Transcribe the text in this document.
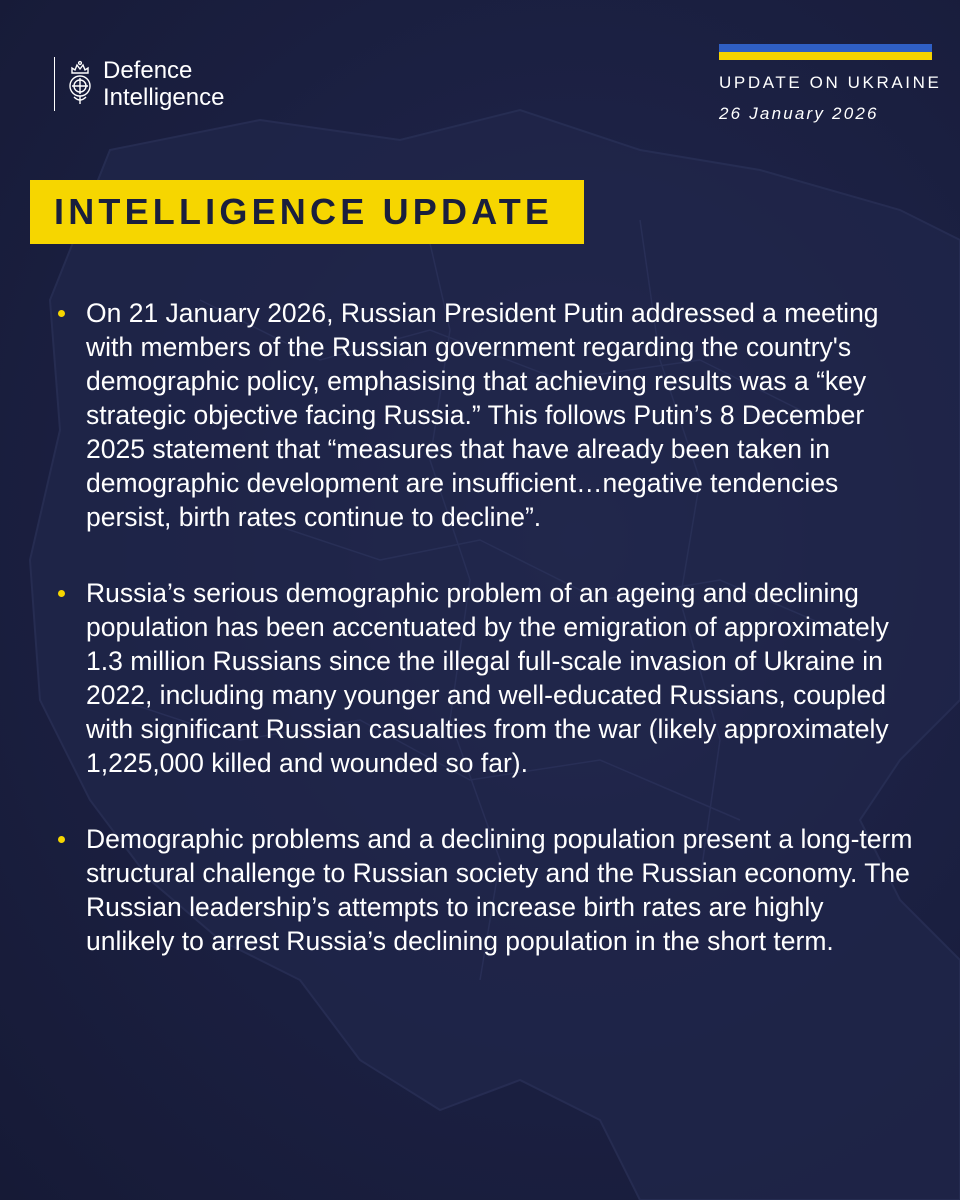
Defence
Intelligence
UPDATE ON UKRAINE
26 January 2026
INTELLIGENCE UPDATE
On 21 January 2026, Russian President Putin addressed a meeting with members of the Russian government regarding the country's demographic policy, emphasising that achieving results was a “key strategic objective facing Russia.” This follows Putin’s 8 December 2025 statement that “measures that have already been taken in demographic development are insufficient…negative tendencies persist, birth rates continue to decline”.
Russia’s serious demographic problem of an ageing and declining population has been accentuated by the emigration of approximately 1.3 million Russians since the illegal full-scale invasion of Ukraine in 2022, including many younger and well-educated Russians, coupled with significant Russian casualties from the war (likely approximately 1,225,000 killed and wounded so far).
Demographic problems and a declining population present a long-term structural challenge to Russian society and the Russian economy. The Russian leadership’s attempts to increase birth rates are highly unlikely to arrest Russia’s declining population in the short term.
